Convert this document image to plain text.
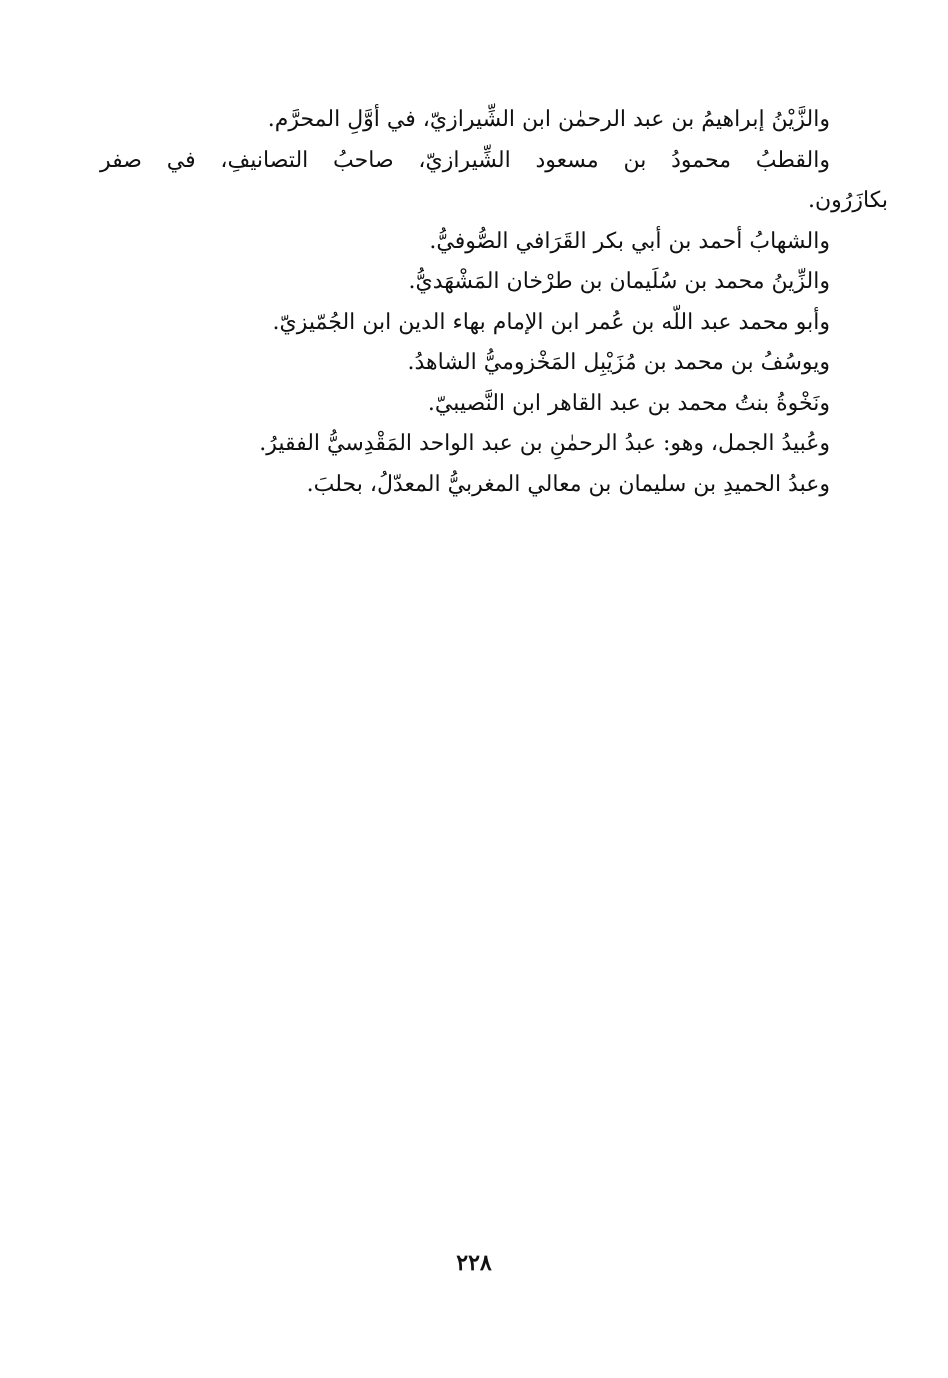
والزَّيْنُ إبراهيمُ بن عبد الرحمٰن ابن الشِّيرازيّ، في أوَّلِ المحرَّم.
والقطبُ محمودُ بن مسعود الشِّيرازيّ، صاحبُ التصانيفِ، في صفر
بكازَرُون.
والشهابُ أحمد بن أبي بكر القَرَافي الصُّوفيُّ.
والزِّينُ محمد بن سُلَيمان بن طرْخان المَشْهَديُّ.
وأبو محمد عبد اللّه بن عُمر ابن الإمام بهاء الدين ابن الجُمّيزيّ.
ويوسُفُ بن محمد بن مُزَيْبِل المَخْزوميُّ الشاهدُ.
ونَخْوةُ بنتُ محمد بن عبد القاهر ابن النَّصيبيّ.
وعُبيدُ الجمل، وهو: عبدُ الرحمٰنِ بن عبد الواحد المَقْدِسيُّ الفقيرُ.
وعبدُ الحميدِ بن سليمان بن معالي المغربيُّ المعدّلُ، بحلبَ.
٢٢٨
